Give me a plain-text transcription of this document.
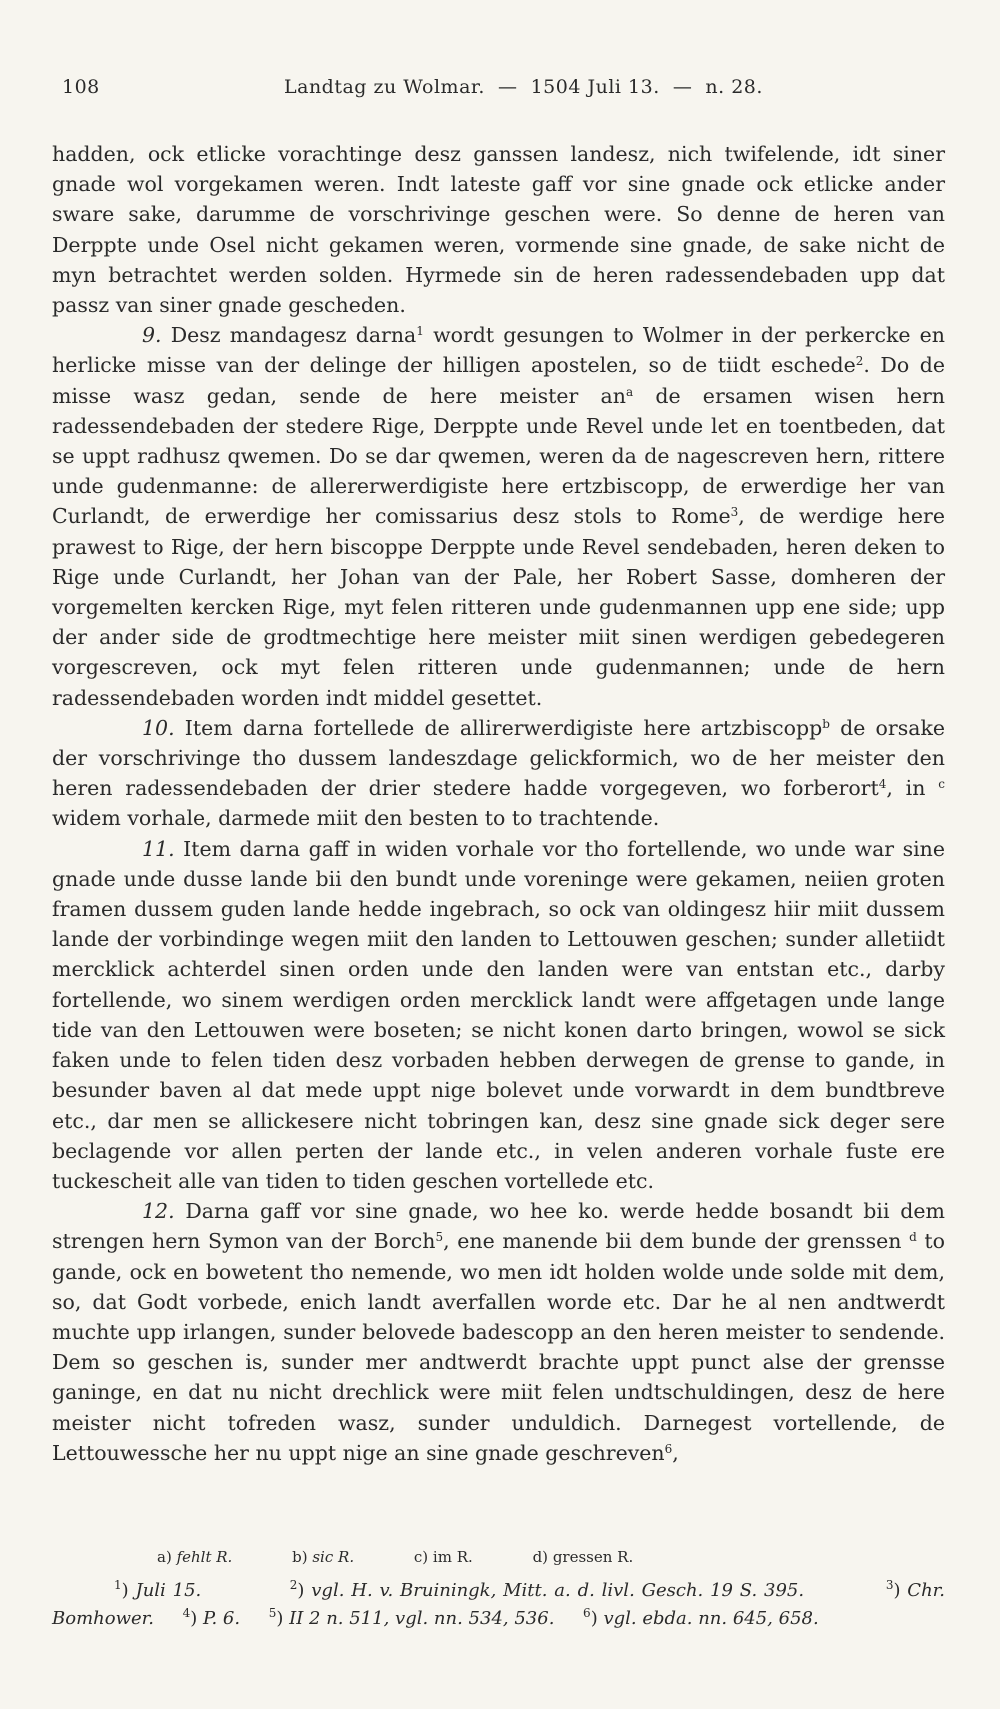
108	Landtag zu Wolmar.  —  1504 Juli 13.  —  n. 28.

hadden, ock etlicke vorachtinge desz ganssen landesz, nich twifelende, idt siner gnade wol vorgekamen weren. Indt lateste gaff vor sine gnade ock etlicke ander sware sake, darumme de vorschrivinge geschen were. So denne de heren van Derppte unde Osel nicht gekamen weren, vormende sine gnade, de sake nicht de myn betrachtet werden solden. Hyrmede sin de heren radessendebaden upp dat passz van siner gnade gescheden.

9. Desz mandagesz darna$^1$ wordt gesungen to Wolmer in der perkercke en herlicke misse van der delinge der hilligen apostelen, so de tiidt eschede$^2$. Do de misse wasz gedan, sende de here meister $an^a$ de ersamen wisen hern radessendebaden der stedere Rige, Derppte unde Revel unde let en toentbeden, dat se uppt radhusz qwemen. Do se dar qwemen, weren da de nagescreven hern, rittere unde gudenmanne: de allererwerdigiste here ertzbiscopp, de erwerdige her van Curlandt, de erwerdige her comissarius desz stols to Rome$^3$, de werdige here prawest to Rige, der hern biscoppe Derppte unde Revel sendebaden, heren deken to Rige unde Curlandt, her Johan van der Pale, her Robert Sasse, domheren der vorgemelten kercken Rige, myt felen ritteren unde gudenmannen upp ene side; upp der ander side de grodtmechtige here meister miit sinen werdigen gebedegeren vorgescreven, ock myt felen ritteren unde gudenmannen; unde de hern radessendebaden worden indt middel gesettet.

10. Item darna fortellede de allirerwerdigiste here artzbiscopp$^b$ de orsake der vorschrivinge tho dussem landeszdage gelickformich, wo de her meister den heren radessendebaden der drier stedere hadde vorgegeven, wo forberort$^4$, in $^c$ widem vorhale, darmede miit den besten to to trachtende.

11. Item darna gaff in widen vorhale vor tho fortellende, wo unde war sine gnade unde dusse lande bii den bundt unde voreninge were gekamen, neiien groten framen dussem guden lande hedde ingebrach, so ock van oldingesz hiir miit dussem lande der vorbindinge wegen miit den landen to Lettouwen geschen; sunder alletiidt mercklick achterdel sinen orden unde den landen were van entstan etc., darby fortellende, wo sinem werdigen orden mercklick landt were affgetagen unde lange tide van den Lettouwen were boseten; se nicht konen darto bringen, wowol se sick faken unde to felen tiden desz vorbaden hebben derwegen de grense to gande, in besunder baven al dat mede uppt nige bolevet unde vorwardt in dem bundtbreve etc., dar men se allickesere nicht tobringen kan, desz sine gnade sick deger sere beclagende vor allen perten der lande etc., in velen anderen vorhale fuste ere tuckescheit alle van tiden to tiden geschen vortellede etc.

12. Darna gaff vor sine gnade, wo hee ko. werde hedde bosandt bii dem strengen hern Symon van der Borch$^5$, ene manende bii dem bunde der grenssen $^d$ to gande, ock en bowetent tho nemende, wo men idt holden wolde unde solde mit dem, so, dat Godt vorbede, enich landt averfallen worde etc. Dar he al nen andtwerdt muchte upp irlangen, sunder belovede badescopp an den heren meister to sendende. Dem so geschen is, sunder mer andtwerdt brachte uppt punct alse der grensse ganinge, en dat nu nicht drechlick were miit felen undtschuldingen, desz de here meister nicht tofreden wasz, sunder unduldich. Darnegest vortellende, de Lettouwessche her nu uppt nige an sine gnade geschreven$^6$,

a) fehlt R.	b) sic R.	c) im R.	d) gressen R.

$^1$) Juli 15.	$^2$) vgl. H. v. Bruiningk, Mitt. a. d. livl. Gesch. 19 S. 395.	$^3$) Chr. Bomhower. $^4$) P. 6. $^5$) II 2 n. 511, vgl. nn. 534, 536. $^6$) vgl. ebda. nn. 645, 658.
